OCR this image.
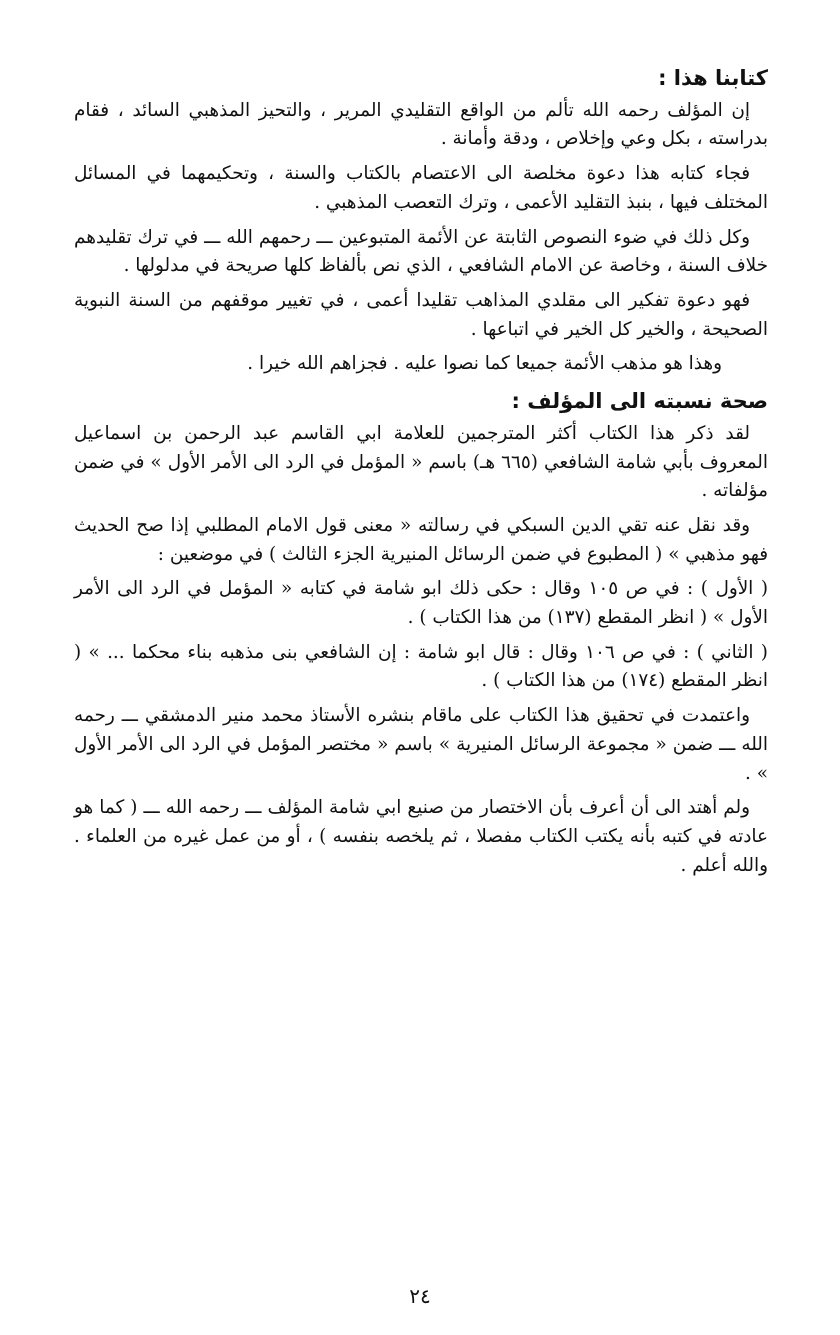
كتابنا هذا :

إن المؤلف رحمه الله تألم من الواقع التقليدي المرير ، والتحيز المذهبي السائد ، فقام بدراسته ، بكل وعي وإخلاص ، ودقة وأمانة .

فجاء كتابه هذا دعوة مخلصة الى الاعتصام بالكتاب والسنة ، وتحكيمهما في المسائل المختلف فيها ، بنبذ التقليد الأعمى ، وترك التعصب المذهبي .

وكل ذلك في ضوء النصوص الثابتة عن الأئمة المتبوعين ـــ رحمهم الله ـــ في ترك تقليدهم خلاف السنة ، وخاصة عن الامام الشافعي ، الذي نص بألفاظ كلها صريحة في مدلولها .

فهو دعوة تفكير الى مقلدي المذاهب تقليدا أعمى ، في تغيير موقفهم من السنة النبوية الصحيحة ، والخير كل الخير في اتباعها .

وهذا هو مذهب الأئمة جميعا كما نصوا عليه . فجزاهم الله خيرا .

صحة نسبته الى المؤلف :

لقد ذكر هذا الكتاب أكثر المترجمين للعلامة ابي القاسم عبد الرحمن بن اسماعيل المعروف بأبي شامة الشافعي (٦٦٥ هـ) باسم « المؤمل في الرد الى الأمر الأول » في ضمن مؤلفاته .

وقد نقل عنه تقي الدين السبكي في رسالته « معنى قول الامام المطلبي إذا صح الحديث فهو مذهبي » ( المطبوع في ضمن الرسائل المنيرية الجزء الثالث ) في موضعين :

( الأول ) : في ص ١٠٥ وقال : حكى ذلك ابو شامة في كتابه « المؤمل في الرد الى الأمر الأول » ( انظر المقطع (١٣٧) من هذا الكتاب ) .

( الثاني ) : في ص ١٠٦ وقال : قال ابو شامة : إن الشافعي بنى مذهبه بناء محكما ... » ( انظر المقطع (١٧٤) من هذا الكتاب ) .

واعتمدت في تحقيق هذا الكتاب على ماقام بنشره الأستاذ محمد منير الدمشقي ـــ رحمه الله ـــ ضمن « مجموعة الرسائل المنيرية » باسم « مختصر المؤمل في الرد الى الأمر الأول » .

ولم أهتد الى أن أعرف بأن الاختصار من صنيع ابي شامة المؤلف ـــ رحمه الله ـــ ( كما هو عادته في كتبه بأنه يكتب الكتاب مفصلا ، ثم يلخصه بنفسه ) ، أو من عمل غيره من العلماء . والله أعلم .

٢٤
